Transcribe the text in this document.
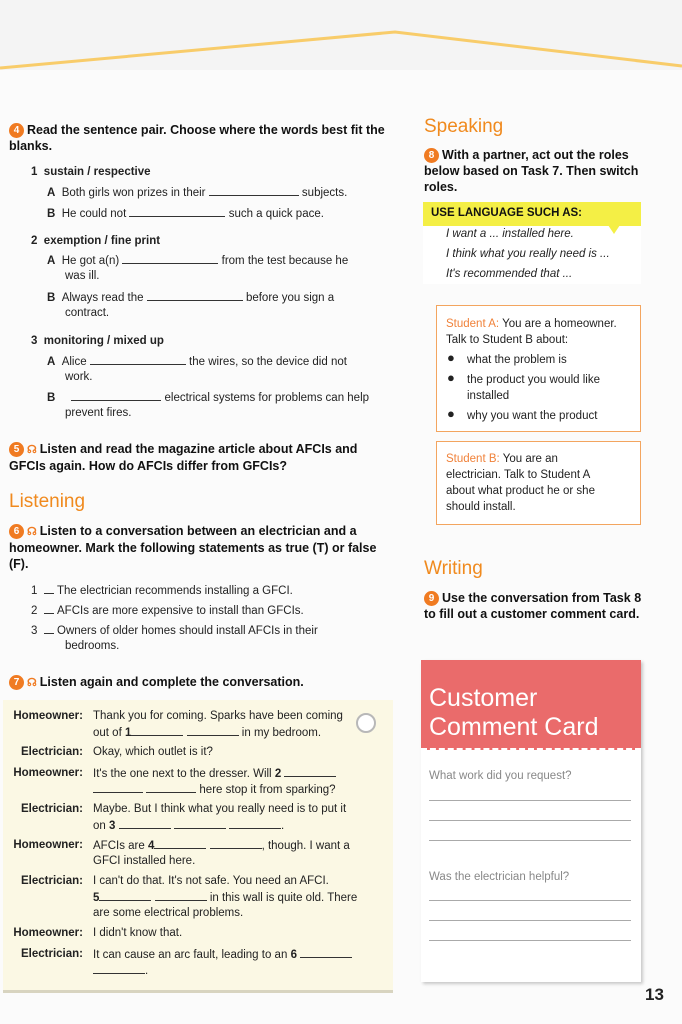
4 Read the sentence pair. Choose where the words best fit the blanks.
1 sustain / respective
A Both girls won prizes in their	subjects.
B He could not	such a quick pace.
2 exemption / fine print
A He got a(n)	from the test because he
was ill.
B Always read the	before you sign a
contract.
3 monitoring / mixed up
A Alice	the wires, so the device did not
work.
B	electrical systems for problems can help
prevent fires.
5 ☊ Listen and read the magazine article about AFCIs and GFCIs again. How do AFCIs differ from GFCIs?
Listening
6 ☊ Listen to a conversation between an electrician and a homeowner. Mark the following statements as true (T) or false (F).
1 The electrician recommends installing a GFCI.
2 AFCIs are more expensive to install than GFCIs.
3 Owners of older homes should install AFCIs in their
bedrooms.
7 ☊ Listen again and complete the conversation.
Homeowner: Thank you for coming. Sparks have been coming
out of 1	in my bedroom.
Electrician: Okay, which outlet is it?
Homeowner: It's the one next to the dresser. Will 2
here stop it from sparking?
Electrician: Maybe. But I think what you really need is to put it
on 3	.
Homeowner: AFCIs are 4	, though. I want a
GFCI installed here.
Electrician: I can't do that. It's not safe. You need an AFCI.
5	in this wall is quite old. There
are some electrical problems.
Homeowner: I didn't know that.
Electrician: It can cause an arc fault, leading to an 6
.
Speaking
8 With a partner, act out the roles below based on Task 7. Then switch roles.
USE LANGUAGE SUCH AS:
I want a ... installed here.
I think what you really need is ...
It's recommended that ...
Student A: You are a homeowner.
Talk to Student B about:
● what the problem is
● the product you would like
installed
● why you want the product
Student B: You are an
electrician. Talk to Student A
about what product he or she
should install.
Writing
9 Use the conversation from Task 8 to fill out a customer comment card.
Customer
Comment Card
What work did you request?
Was the electrician helpful?
13
